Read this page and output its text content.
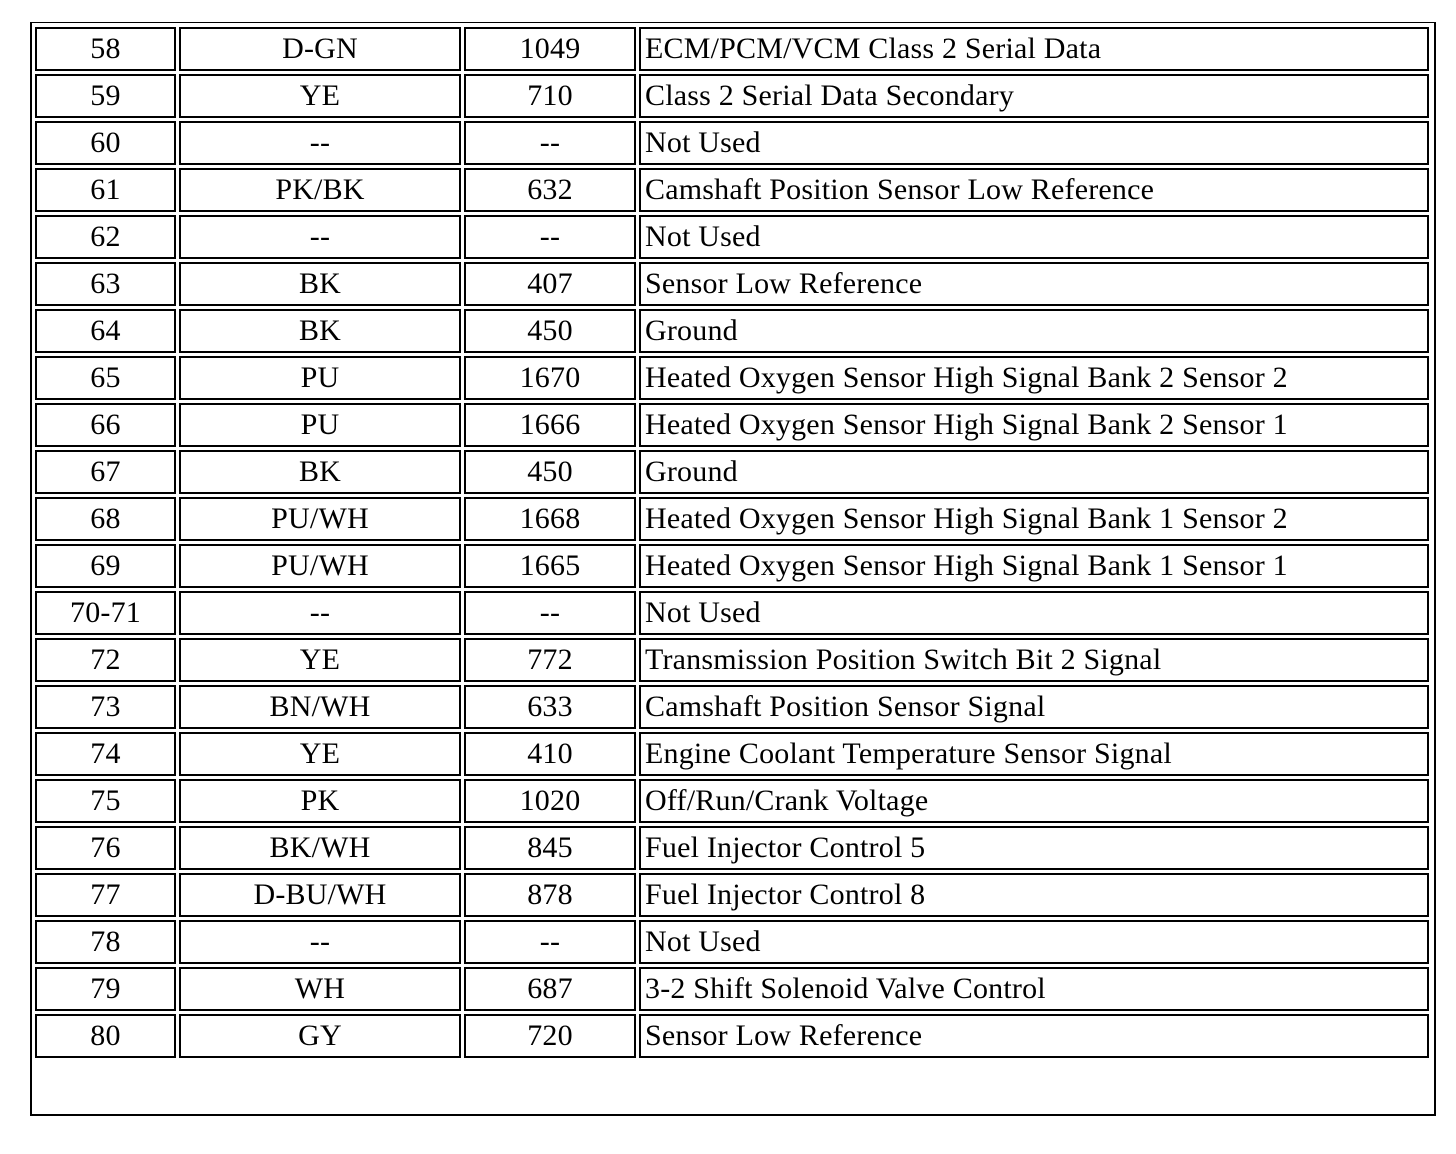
58	D-GN	1049	ECM/PCM/VCM Class 2 Serial Data
59	YE	710	Class 2 Serial Data Secondary
60	--	--	Not Used
61	PK/BK	632	Camshaft Position Sensor Low Reference
62	--	--	Not Used
63	BK	407	Sensor Low Reference
64	BK	450	Ground
65	PU	1670	Heated Oxygen Sensor High Signal Bank 2 Sensor 2
66	PU	1666	Heated Oxygen Sensor High Signal Bank 2 Sensor 1
67	BK	450	Ground
68	PU/WH	1668	Heated Oxygen Sensor High Signal Bank 1 Sensor 2
69	PU/WH	1665	Heated Oxygen Sensor High Signal Bank 1 Sensor 1
70-71	--	--	Not Used
72	YE	772	Transmission Position Switch Bit 2 Signal
73	BN/WH	633	Camshaft Position Sensor Signal
74	YE	410	Engine Coolant Temperature Sensor Signal
75	PK	1020	Off/Run/Crank Voltage
76	BK/WH	845	Fuel Injector Control 5
77	D-BU/WH	878	Fuel Injector Control 8
78	--	--	Not Used
79	WH	687	3-2 Shift Solenoid Valve Control
80	GY	720	Sensor Low Reference
